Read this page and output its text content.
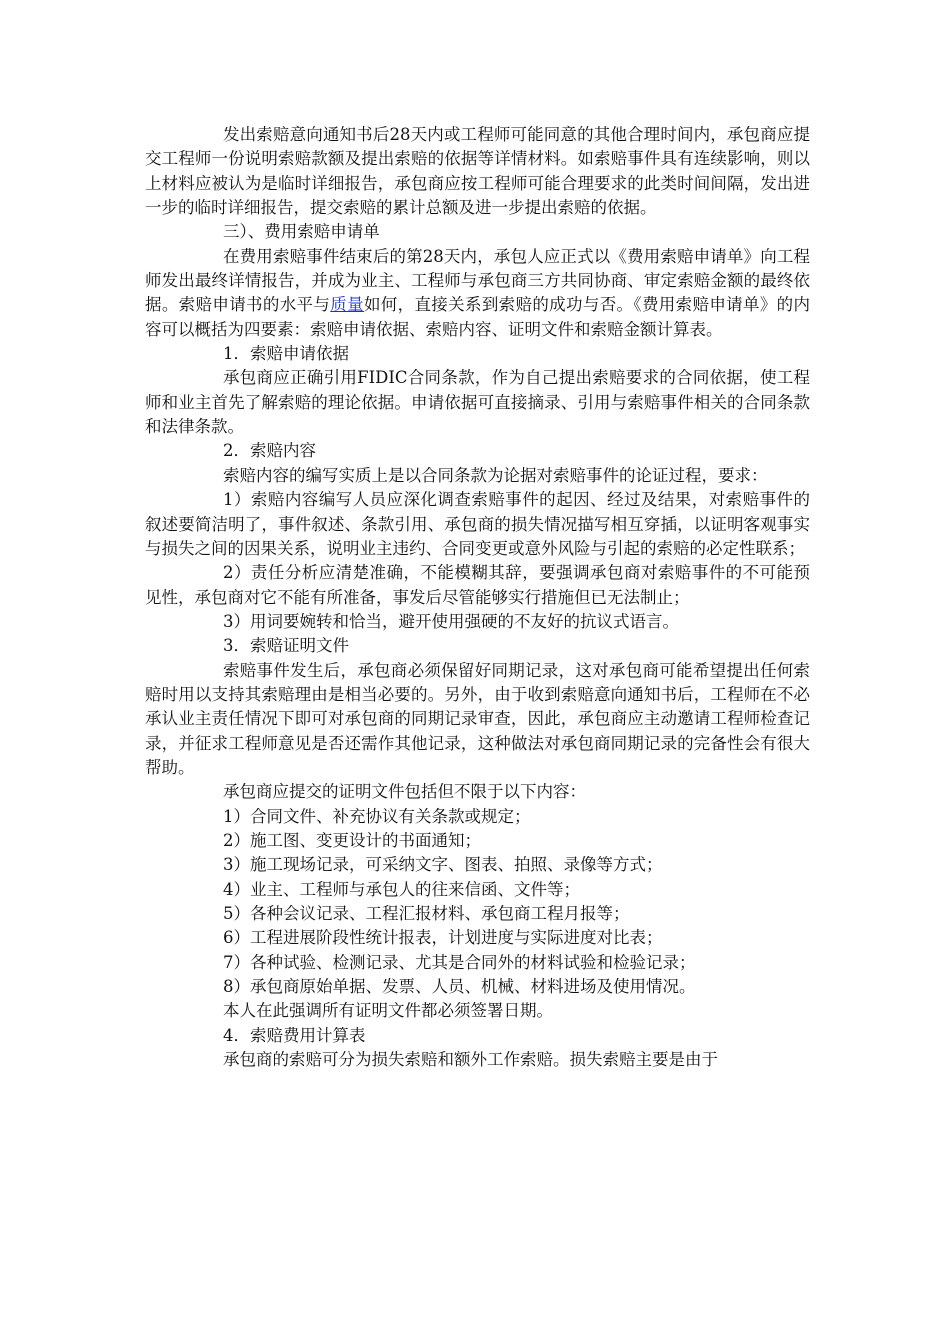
发出索赔意向通知书后28天内或工程师可能同意的其他合理时间内，承包商应提交工程师一份说明索赔款额及提出索赔的依据等详情材料。如索赔事件具有连续影响，则以上材料应被认为是临时详细报告，承包商应按工程师可能合理要求的此类时间间隔，发出进一步的临时详细报告，提交索赔的累计总额及进一步提出索赔的依据。

三）、费用索赔申请单

在费用索赔事件结束后的第28天内，承包人应正式以《费用索赔申请单》向工程师发出最终详情报告，并成为业主、工程师与承包商三方共同协商、审定索赔金额的最终依据。索赔申请书的水平与质量如何，直接关系到索赔的成功与否。《费用索赔申请单》的内容可以概括为四要素：索赔申请依据、索赔内容、证明文件和索赔金额计算表。

1．索赔申请依据

承包商应正确引用FIDIC合同条款，作为自己提出索赔要求的合同依据，使工程师和业主首先了解索赔的理论依据。申请依据可直接摘录、引用与索赔事件相关的合同条款和法律条款。

2．索赔内容

索赔内容的编写实质上是以合同条款为论据对索赔事件的论证过程，要求：

1）索赔内容编写人员应深化调查索赔事件的起因、经过及结果，对索赔事件的叙述要简洁明了，事件叙述、条款引用、承包商的损失情况描写相互穿插，以证明客观事实与损失之间的因果关系，说明业主违约、合同变更或意外风险与引起的索赔的必定性联系；

2）责任分析应清楚准确，不能模糊其辞，要强调承包商对索赔事件的不可能预见性，承包商对它不能有所准备，事发后尽管能够实行措施但已无法制止；

3）用词要婉转和恰当，避开使用强硬的不友好的抗议式语言。

3．索赔证明文件

索赔事件发生后，承包商必须保留好同期记录，这对承包商可能希望提出任何索赔时用以支持其索赔理由是相当必要的。另外，由于收到索赔意向通知书后，工程师在不必承认业主责任情况下即可对承包商的同期记录审查，因此，承包商应主动邀请工程师检查记录，并征求工程师意见是否还需作其他记录，这种做法对承包商同期记录的完备性会有很大帮助。

承包商应提交的证明文件包括但不限于以下内容：

1）合同文件、补充协议有关条款或规定；

2）施工图、变更设计的书面通知；

3）施工现场记录，可采纳文字、图表、拍照、录像等方式；

4）业主、工程师与承包人的往来信函、文件等；

5）各种会议记录、工程汇报材料、承包商工程月报等；

6）工程进展阶段性统计报表，计划进度与实际进度对比表；

7）各种试验、检测记录、尤其是合同外的材料试验和检验记录；

8）承包商原始单据、发票、人员、机械、材料进场及使用情况。

本人在此强调所有证明文件都必须签署日期。

4．索赔费用计算表

承包商的索赔可分为损失索赔和额外工作索赔。损失索赔主要是由于
